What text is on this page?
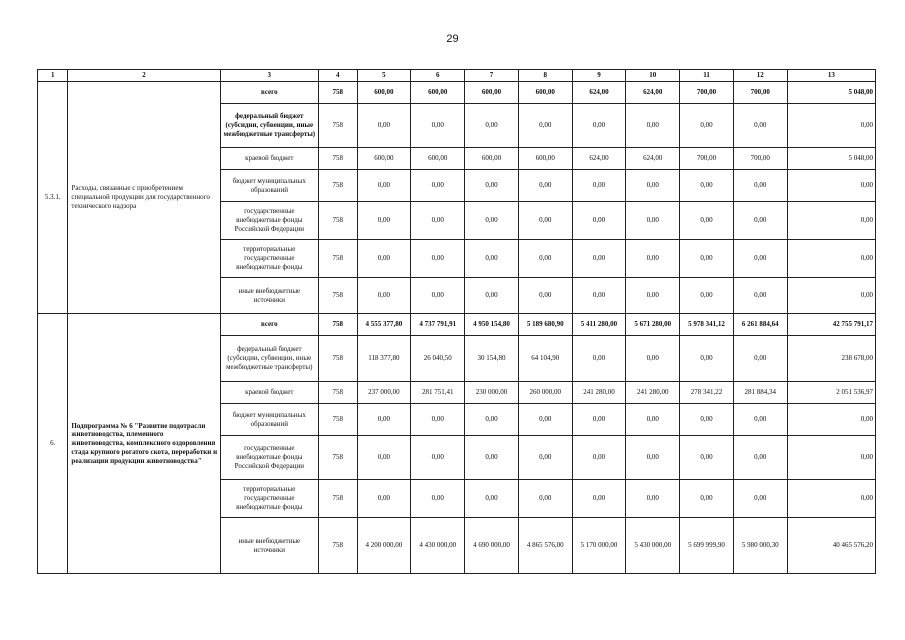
29
1	2	3	4	5	6	7	8	9	10	11	12	13
5.3.1.	Расходы, связанные с приобретением специальной продукции для государственного технического надзора	всего	758	600,00	600,00	600,00	600,00	624,00	624,00	700,00	700,00	5 048,00
		федеральный бюджет (субсидии, субвенции, иные межбюджетные трансферты)	758	0,00	0,00	0,00	0,00	0,00	0,00	0,00	0,00	0,00
		краевой бюджет	758	600,00	600,00	600,00	600,00	624,00	624,00	700,00	700,00	5 048,00
		бюджет муниципальных образований	758	0,00	0,00	0,00	0,00	0,00	0,00	0,00	0,00	0,00
		государственные внебюджетные фонды Российской Федерации	758	0,00	0,00	0,00	0,00	0,00	0,00	0,00	0,00	0,00
		территориальные государственные внебюджетные фонды	758	0,00	0,00	0,00	0,00	0,00	0,00	0,00	0,00	0,00
		иные внебюджетные источники	758	0,00	0,00	0,00	0,00	0,00	0,00	0,00	0,00	0,00
6.	Подпрограмма № 6 "Развитие подотрасли животноводства, племенного животноводства, комплексного оздоровления стада крупного рогатого скота, переработки и реализации продукции животноводства"	всего	758	4 555 377,80	4 737 791,91	4 950 154,80	5 189 680,90	5 411 280,00	5 671 280,00	5 978 341,12	6 261 884,64	42 755 791,17
		федеральный бюджет (субсидии, субвенции, иные межбюджетные трансферты)	758	118 377,80	26 040,50	30 154,80	64 104,90	0,00	0,00	0,00	0,00	238 678,00
		краевой бюджет	758	237 000,00	281 751,41	230 000,00	260 000,00	241 280,00	241 280,00	278 341,22	281 884,34	2 051 536,97
		бюджет муниципальных образований	758	0,00	0,00	0,00	0,00	0,00	0,00	0,00	0,00	0,00
		государственные внебюджетные фонды Российской Федерации	758	0,00	0,00	0,00	0,00	0,00	0,00	0,00	0,00	0,00
		территориальные государственные внебюджетные фонды	758	0,00	0,00	0,00	0,00	0,00	0,00	0,00	0,00	0,00
		иные внебюджетные источники	758	4 200 000,00	4 430 000,00	4 690 000,00	4 865 576,00	5 170 000,00	5 430 000,00	5 699 999,90	5 980 000,30	40 465 576,20
